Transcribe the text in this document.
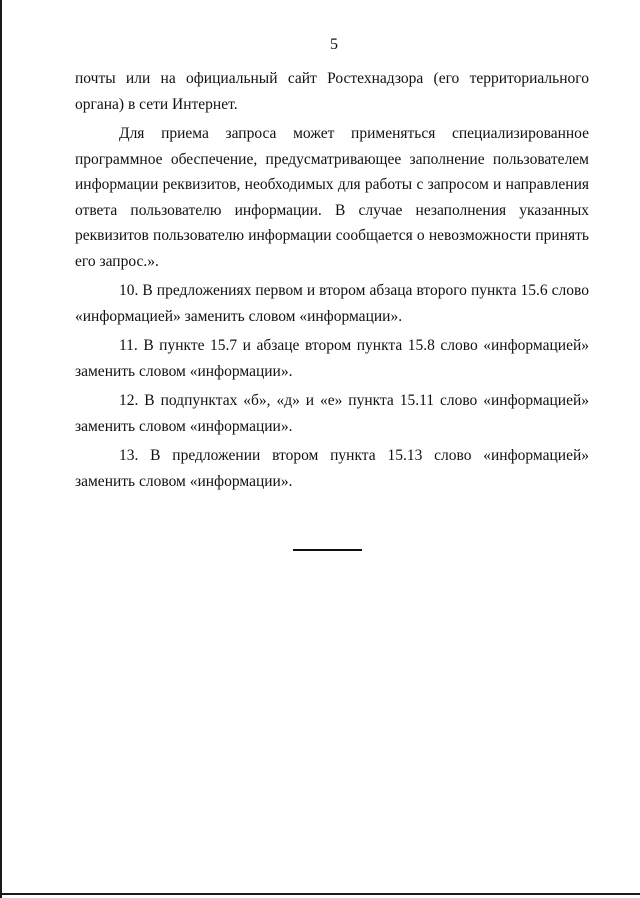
5

почты или на официальный сайт Ростехнадзора (его территориального органа) в сети Интернет.

Для приема запроса может применяться специализированное программное обеспечение, предусматривающее заполнение пользователем информации реквизитов, необходимых для работы с запросом и направления ответа пользователю информации. В случае незаполнения указанных реквизитов пользователю информации сообщается о невозможности принять его запрос.».

10. В предложениях первом и втором абзаца второго пункта 15.6 слово «информацией» заменить словом «информации».

11. В пункте 15.7 и абзаце втором пункта 15.8 слово «информацией» заменить словом «информации».

12. В подпунктах «б», «д» и «е» пункта 15.11 слово «информацией» заменить словом «информации».

13. В предложении втором пункта 15.13 слово «информацией» заменить словом «информации».
